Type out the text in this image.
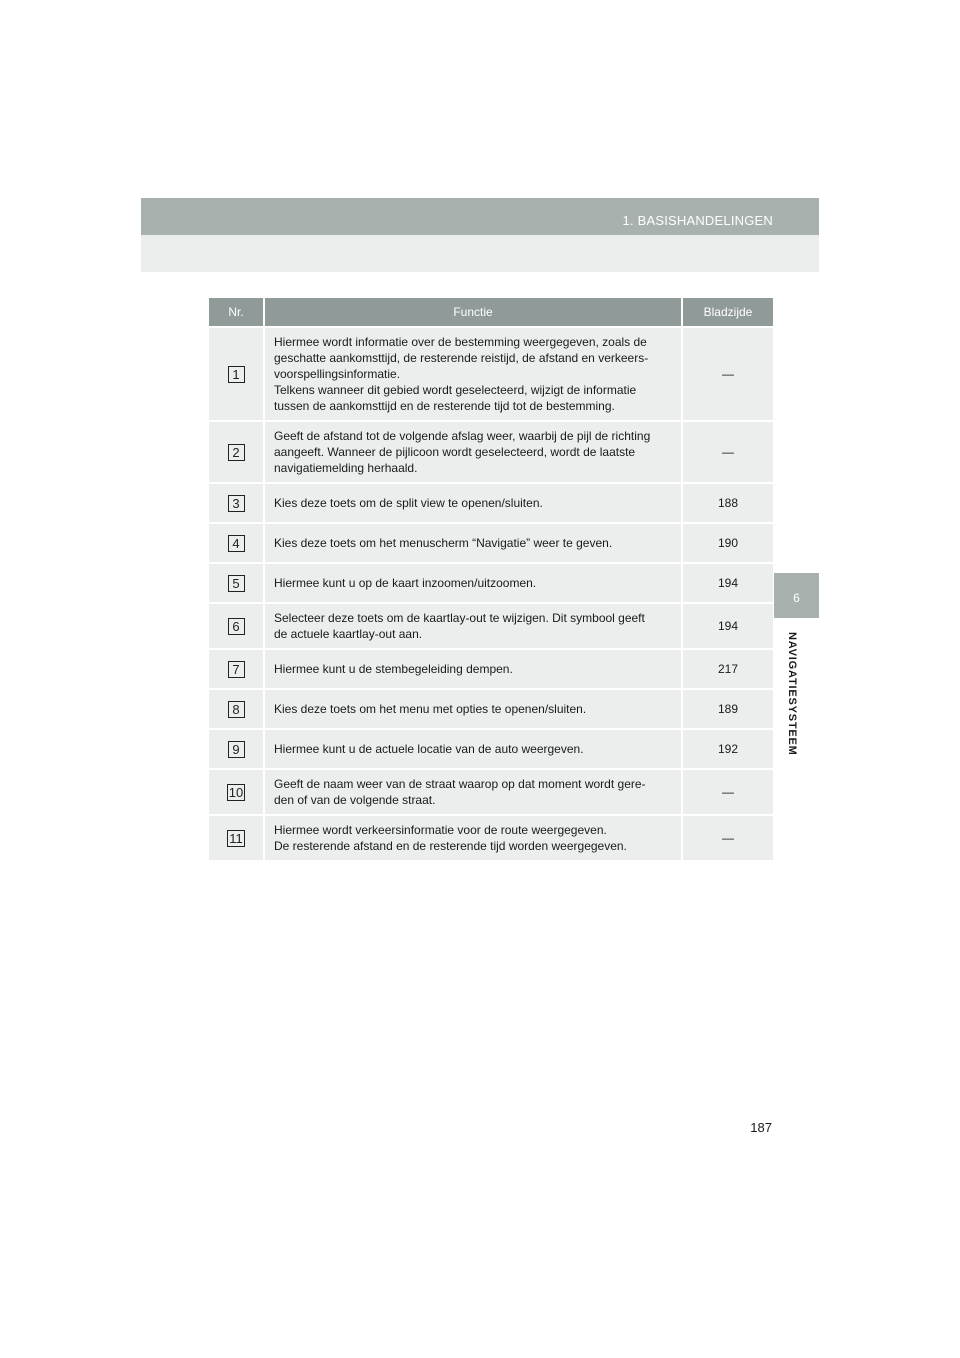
1. BASISHANDELINGEN
6
NAVIGATIESYSTEEM
Nr.	Functie	Bladzijde
1	Hiermee wordt informatie over de bestemming weergegeven, zoals de
geschatte aankomsttijd, de resterende reistijd, de afstand en verkeers-
voorspellingsinformatie.
Telkens wanneer dit gebied wordt geselecteerd, wijzigt de informatie
tussen de aankomsttijd en de resterende tijd tot de bestemming.	—
2	Geeft de afstand tot de volgende afslag weer, waarbij de pijl de richting
aangeeft. Wanneer de pijlicoon wordt geselecteerd, wordt de laatste
navigatiemelding herhaald.	—
3	Kies deze toets om de split view te openen/sluiten.	188
4	Kies deze toets om het menuscherm “Navigatie” weer te geven.	190
5	Hiermee kunt u op de kaart inzoomen/uitzoomen.	194
6	Selecteer deze toets om de kaartlay-out te wijzigen. Dit symbool geeft
de actuele kaartlay-out aan.	194
7	Hiermee kunt u de stembegeleiding dempen.	217
8	Kies deze toets om het menu met opties te openen/sluiten.	189
9	Hiermee kunt u de actuele locatie van de auto weergeven.	192
10	Geeft de naam weer van de straat waarop op dat moment wordt gere-
den of van de volgende straat.	—
11	Hiermee wordt verkeersinformatie voor de route weergegeven.
De resterende afstand en de resterende tijd worden weergegeven.	—
187
